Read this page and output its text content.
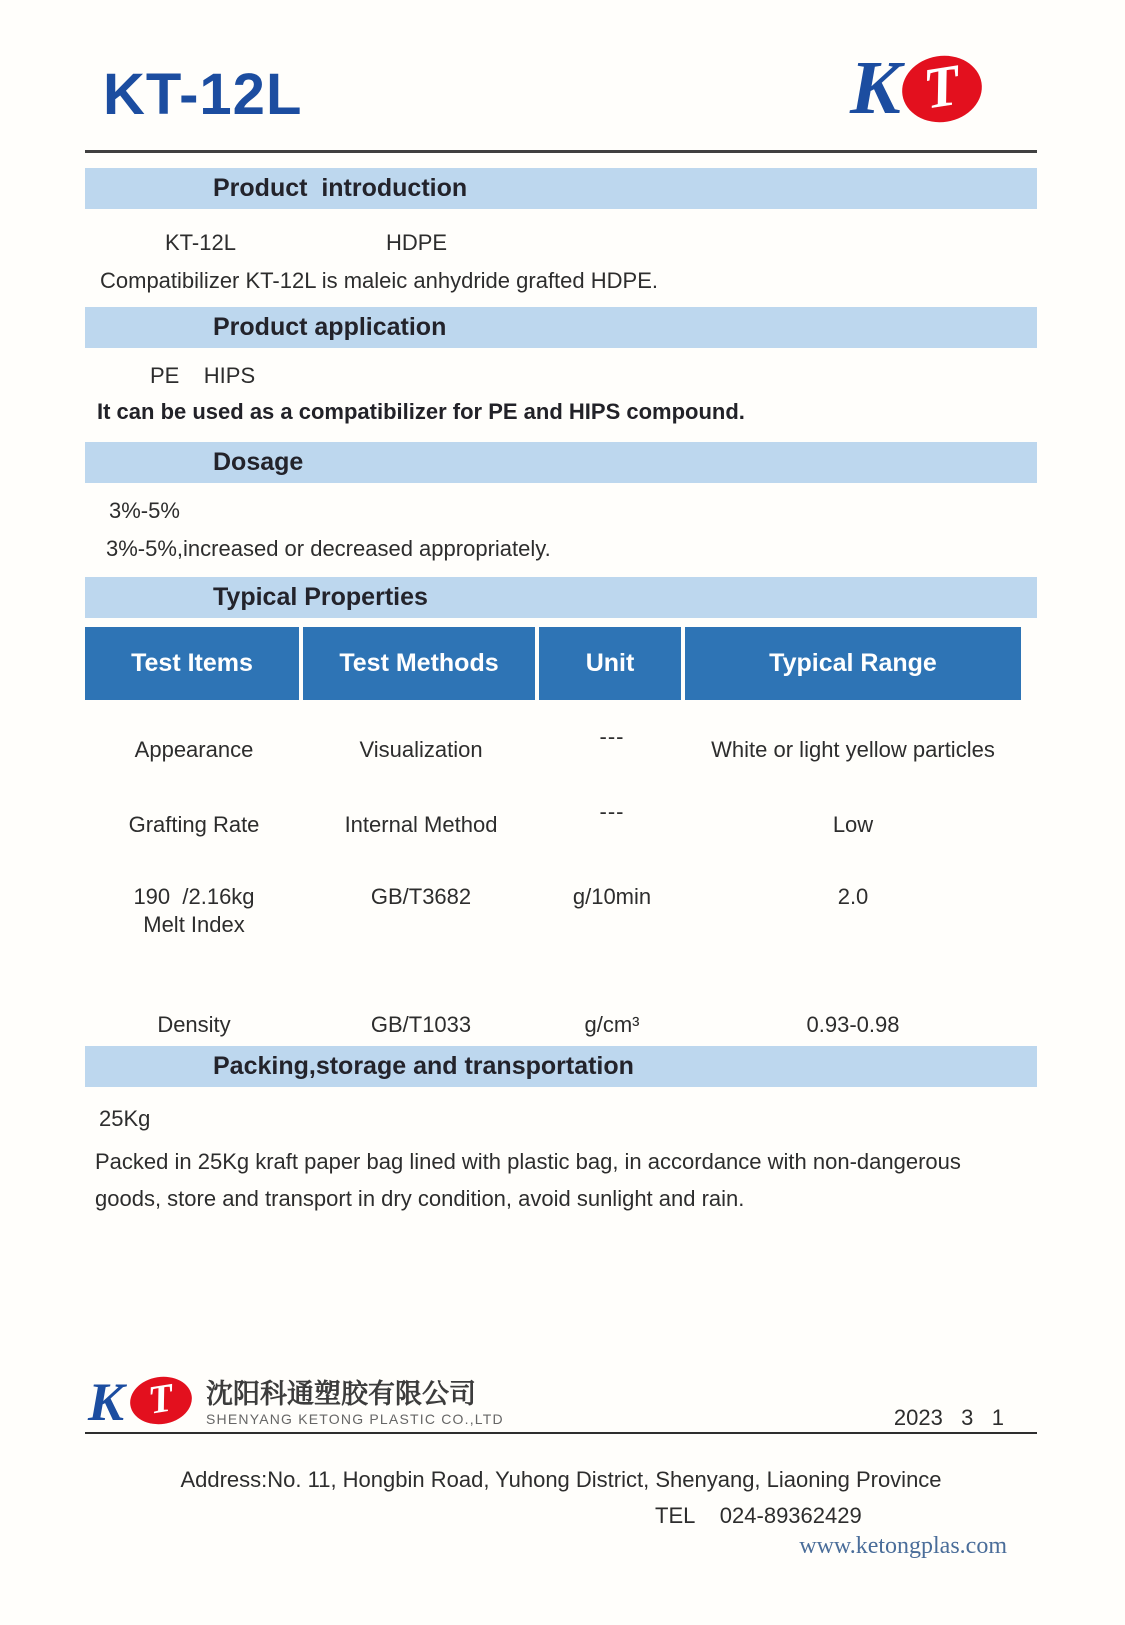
KT-12L	T
K
Product  introduction

KT-12L	HDPE

Compatibilizer KT-12L is maleic anhydride grafted HDPE.

Product application

PE    HIPS

It can be used as a compatibilizer for PE and HIPS compound.

Dosage

3%-5%

3%-5%,increased or decreased appropriately.

Typical Properties
Test Items	Test Methods	Unit	Typical Range
Appearance	Visualization	---	White or light yellow particles
Grafting Rate	Internal Method	---	Low
190  /2.16kg
Melt Index	GB/T3682	g/10min	2.0
Density	GB/T1033	g/cm³	0.93-0.98
Packing,storage and transportation

25Kg

Packed in 25Kg kraft paper bag lined with plastic bag, in accordance with non-dangerous goods, store and transport in dry condition, avoid sunlight and rain.

T
K	沈阳科通塑胶有限公司
SHENYANG KETONG PLASTIC CO.,LTD	2023   3   1
Address:No. 11, Hongbin Road, Yuhong District, Shenyang, Liaoning Province
TEL    024-89362429
www.ketongplas.com
